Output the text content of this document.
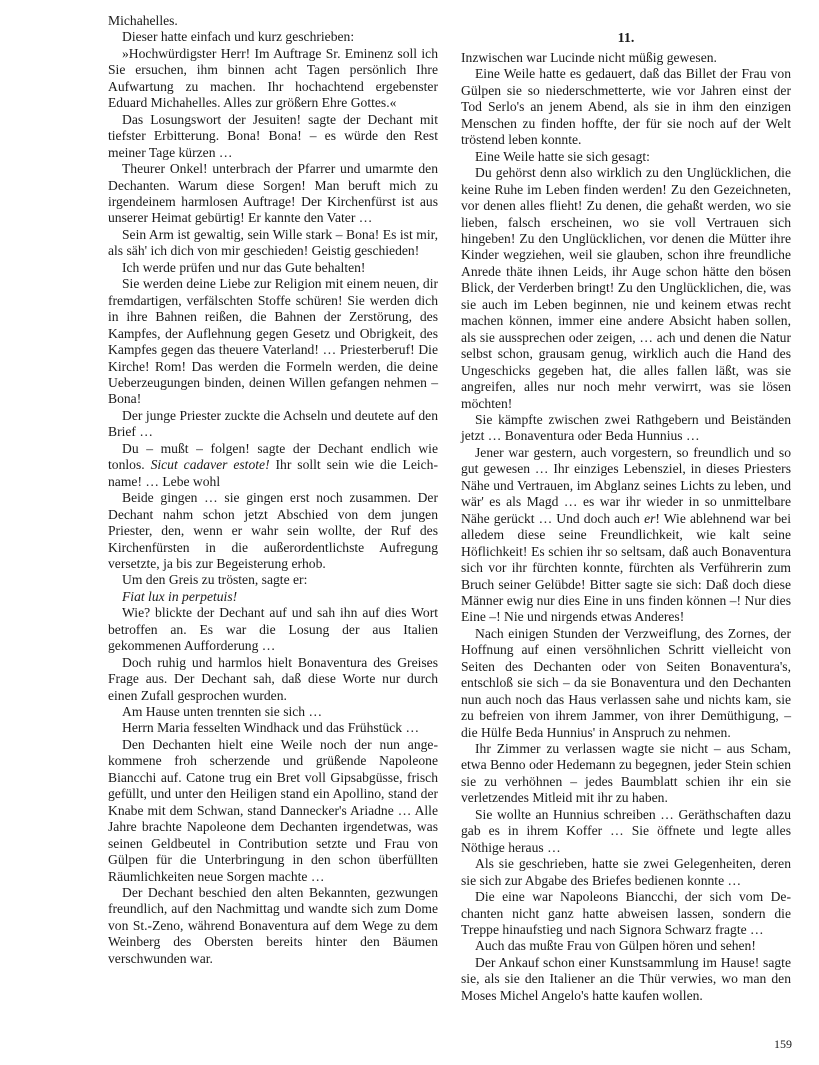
Michahelles.

Dieser hatte einfach und kurz geschrieben:

»Hochwürdigster Herr! Im Auftrage Sr. Eminenz soll ich Sie ersuchen, ihm binnen acht Tagen persönlich Ihre Aufwartung zu machen. Ihr hochachtend ergebenster Eduard Michahelles. Alles zur größern Ehre Gottes.«

Das Losungswort der Jesuiten! sagte der Dechant mit tiefster Erbitterung. Bona! Bona! – es würde den Rest meiner Tage kürzen …

Theurer Onkel! unterbrach der Pfarrer und umarmte den Dechanten. Warum diese Sorgen! Man beruft mich zu irgendeinem harmlosen Auftrage! Der Kirchenfürst ist aus unserer Heimat gebürtig! Er kannte den Vater …

Sein Arm ist gewaltig, sein Wille stark – Bona! Es ist mir, als säh' ich dich von mir geschieden! Geistig geschieden!

Ich werde prüfen und nur das Gute behalten!

Sie werden deine Liebe zur Religion mit einem neuen, dir fremdartigen, verfälschten Stoffe schüren! Sie werden dich in ihre Bahnen reißen, die Bahnen der Zerstörung, des Kampfes, der Auflehnung gegen Gesetz und Obrigkeit, des Kampfes gegen das theuere Vaterland! … Priesterberuf! Die Kirche! Rom! Das werden die Formeln werden, die deine Ueberzeugungen binden, deinen Willen gefangen nehmen – Bona!

Der junge Priester zuckte die Achseln und deutete auf den Brief …

Du – mußt – folgen! sagte der Dechant endlich wie tonlos. Sicut cadaver estote! Ihr sollt sein wie die Leichname! … Lebe wohl

Beide gingen … sie gingen erst noch zusammen. Der Dechant nahm schon jetzt Abschied von dem jungen Priester, den, wenn er wahr sein wollte, der Ruf des Kirchenfürsten in die außerordentlichste Aufregung versetzte, ja bis zur Begeisterung erhob.

Um den Greis zu trösten, sagte er:

Fiat lux in perpetuis!

Wie? blickte der Dechant auf und sah ihn auf dies Wort betroffen an. Es war die Losung der aus Italien gekommenen Aufforderung …

Doch ruhig und harmlos hielt Bonaventura des Greises Frage aus. Der Dechant sah, daß diese Worte nur durch einen Zufall gesprochen wurden.

Am Hause unten trennten sie sich …

Herrn Maria fesselten Windhack und das Frühstück …

Den Dechanten hielt eine Weile noch der nun angekommene froh scherzende und grüßende Napoleone Biancchi auf. Catone trug ein Bret voll Gipsabgüsse, frisch gefüllt, und unter den Heiligen stand ein Apollino, stand der Knabe mit dem Schwan, stand Dannecker's Ariadne … Alle Jahre brachte Napoleone dem Dechanten irgendetwas, was seinen Geldbeutel in Contribution setzte und Frau von Gülpen für die Unterbringung in den schon überfüllten Räumlichkeiten neue Sorgen machte …

Der Dechant beschied den alten Bekannten, gezwungen freundlich, auf den Nachmittag und wandte sich zum Dome von St.-Zeno, während Bonaventura auf dem Wege zu dem Weinberg des Obersten bereits hinter den Bäumen verschwunden war.

11.

Inzwischen war Lucinde nicht müßig gewesen.

Eine Weile hatte es gedauert, daß das Billet der Frau von Gülpen sie so niederschmetterte, wie vor Jahren einst der Tod Serlo's an jenem Abend, als sie in ihm den einzigen Menschen zu finden hoffte, der für sie noch auf der Welt tröstend leben konnte.

Eine Weile hatte sie sich gesagt:

Du gehörst denn also wirklich zu den Unglücklichen, die keine Ruhe im Leben finden werden! Zu den Gezeichneten, vor denen alles flieht! Zu denen, die gehaßt werden, wo sie lieben, falsch erscheinen, wo sie voll Vertrauen sich hingeben! Zu den Unglücklichen, vor denen die Mütter ihre Kinder wegziehen, weil sie glauben, schon ihre freundliche Anrede thäte ihnen Leids, ihr Auge schon hätte den bösen Blick, der Verderben bringt! Zu den Unglücklichen, die, was sie auch im Leben beginnen, nie und keinem etwas recht machen können, immer eine andere Absicht haben sollen, als sie aussprechen oder zeigen, … ach und denen die Natur selbst schon, grausam genug, wirklich auch die Hand des Ungeschicks gegeben hat, die alles fallen läßt, was sie angreifen, alles nur noch mehr verwirrt, was sie lösen möchten!

Sie kämpfte zwischen zwei Rathgebern und Beiständen jetzt … Bonaventura oder Beda Hunnius …

Jener war gestern, auch vorgestern, so freundlich und so gut gewesen … Ihr einziges Lebensziel, in dieses Priesters Nähe und Vertrauen, im Abglanz seines Lichts zu leben, und wär' es als Magd … es war ihr wieder in so unmittelbare Nähe gerückt … Und doch auch er! Wie ablehnend war bei alledem diese seine Freundlichkeit, wie kalt seine Höflichkeit! Es schien ihr so seltsam, daß auch Bonaventura sich vor ihr fürchten konnte, fürchten als Verführerin zum Bruch seiner Gelübde! Bitter sagte sie sich: Daß doch diese Männer ewig nur dies Eine in uns finden können –! Nur dies Eine –! Nie und nirgends etwas Anderes!

Nach einigen Stunden der Verzweiflung, des Zornes, der Hoffnung auf einen versöhnlichen Schritt vielleicht von Seiten des Dechanten oder von Seiten Bonaventura's, entschloß sie sich – da sie Bonaventura und den Dechanten nun auch noch das Haus verlassen sahe und nichts kam, sie zu befreien von ihrem Jammer, von ihrer Demüthigung, – die Hülfe Beda Hunnius' in Anspruch zu nehmen.

Ihr Zimmer zu verlassen wagte sie nicht – aus Scham, etwa Benno oder Hedemann zu begegnen, jeder Stein schien sie zu verhöhnen – jedes Baumblatt schien ihr ein sie verletzendes Mitleid mit ihr zu haben.

Sie wollte an Hunnius schreiben … Geräthschaften dazu gab es in ihrem Koffer … Sie öffnete und legte alles Nöthige heraus …

Als sie geschrieben, hatte sie zwei Gelegenheiten, deren sie sich zur Abgabe des Briefes bedienen konnte …

Die eine war Napoleons Biancchi, der sich vom Dechanten nicht ganz hatte abweisen lassen, sondern die Treppe hinaufstieg und nach Signora Schwarz fragte …

Auch das mußte Frau von Gülpen hören und sehen!

Der Ankauf schon einer Kunstsammlung im Hause! sagte sie, als sie den Italiener an die Thür verwies, wo man den Moses Michel Angelo's hatte kaufen wollen.

159
